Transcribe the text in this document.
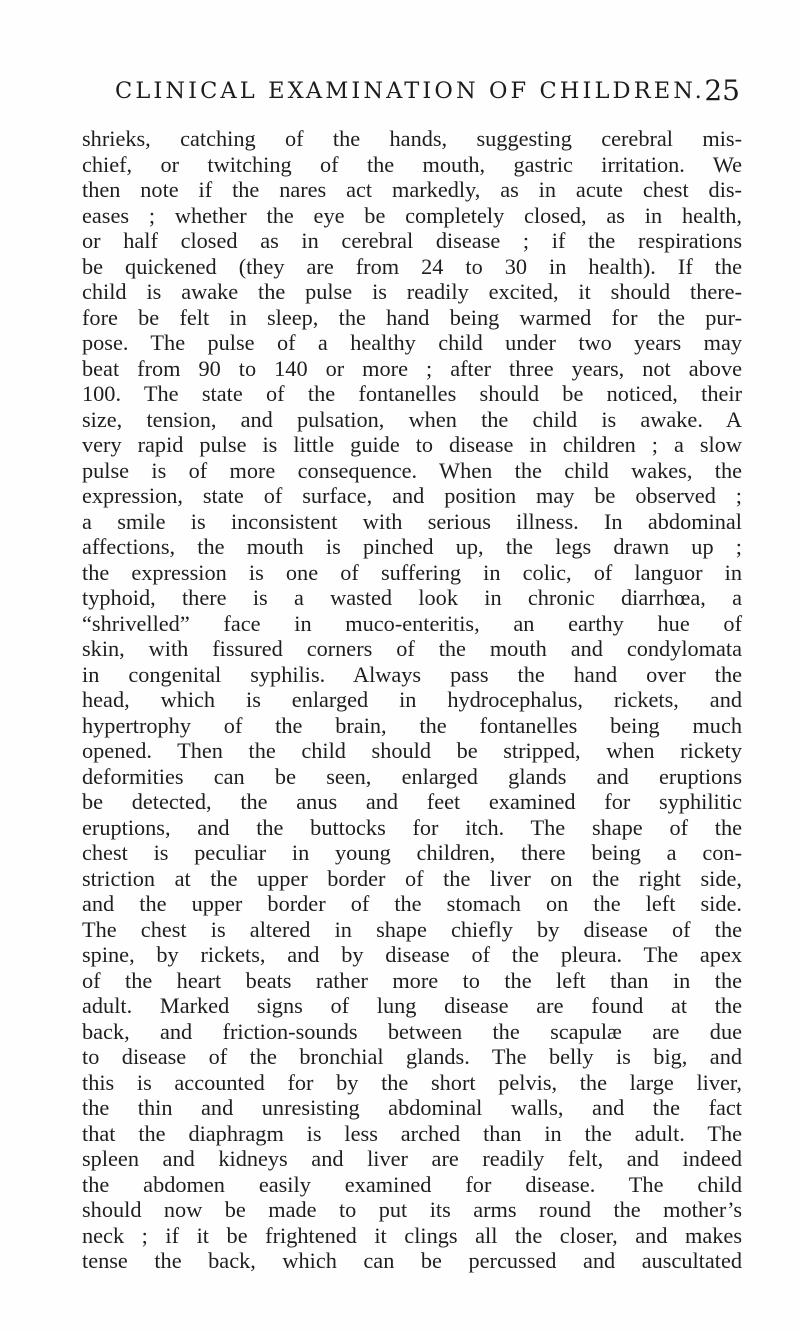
CLINICAL EXAMINATION OF CHILDREN. 25
shrieks, catching of the hands, suggesting cerebral mis-
chief, or twitching of the mouth, gastric irritation. We
then note if the nares act markedly, as in acute chest dis-
eases ; whether the eye be completely closed, as in health,
or half closed as in cerebral disease ; if the respirations
be quickened (they are from 24 to 30 in health). If the
child is awake the pulse is readily excited, it should there-
fore be felt in sleep, the hand being warmed for the pur-
pose. The pulse of a healthy child under two years may
beat from 90 to 140 or more ; after three years, not above
100. The state of the fontanelles should be noticed, their
size, tension, and pulsation, when the child is awake. A
very rapid pulse is little guide to disease in children ; a slow
pulse is of more consequence. When the child wakes, the
expression, state of surface, and position may be observed ;
a smile is inconsistent with serious illness. In abdominal
affections, the mouth is pinched up, the legs drawn up ;
the expression is one of suffering in colic, of languor in
typhoid, there is a wasted look in chronic diarrhœa, a
“shrivelled” face in muco-enteritis, an earthy hue of
skin, with fissured corners of the mouth and condylomata
in congenital syphilis. Always pass the hand over the
head, which is enlarged in hydrocephalus, rickets, and
hypertrophy of the brain, the fontanelles being much
opened. Then the child should be stripped, when rickety
deformities can be seen, enlarged glands and eruptions
be detected, the anus and feet examined for syphilitic
eruptions, and the buttocks for itch. The shape of the
chest is peculiar in young children, there being a con-
striction at the upper border of the liver on the right side,
and the upper border of the stomach on the left side.
The chest is altered in shape chiefly by disease of the
spine, by rickets, and by disease of the pleura. The apex
of the heart beats rather more to the left than in the
adult. Marked signs of lung disease are found at the
back, and friction-sounds between the scapulæ are due
to disease of the bronchial glands. The belly is big, and
this is accounted for by the short pelvis, the large liver,
the thin and unresisting abdominal walls, and the fact
that the diaphragm is less arched than in the adult. The
spleen and kidneys and liver are readily felt, and indeed
the abdomen easily examined for disease. The child
should now be made to put its arms round the mother’s
neck ; if it be frightened it clings all the closer, and makes
tense the back, which can be percussed and auscultated
